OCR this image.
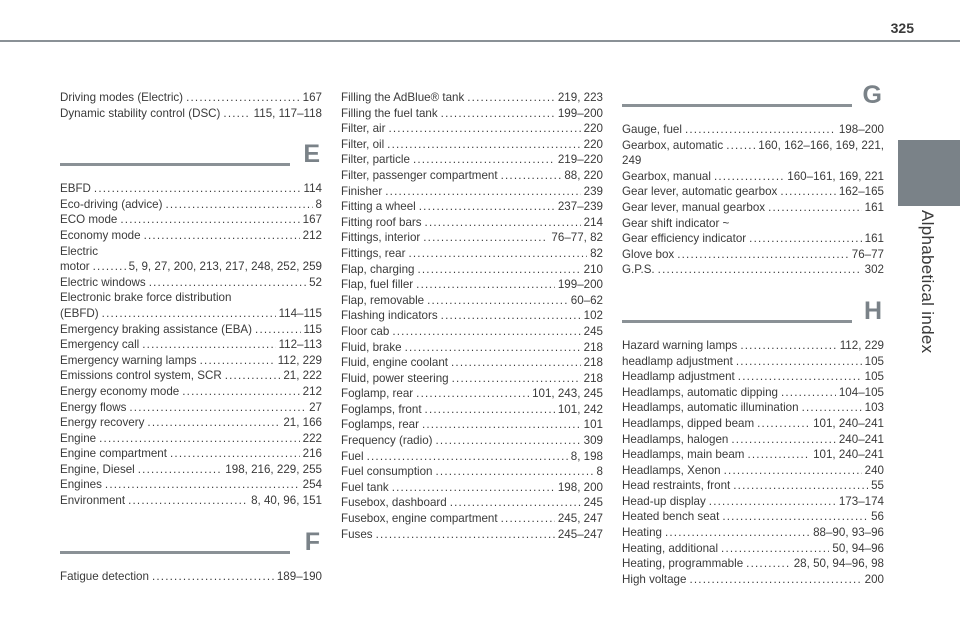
325
Alphabetical index
Driving modes (Electric) .....	167
Dynamic stability control (DSC) .....	115, 117–118
E
EBFD .....	114
Eco-driving (advice) .....	8
ECO mode .....	167
Economy mode .....	212
Electric
motor .....	5, 9, 27, 200, 213, 217, 248, 252, 259
Electric windows .....	52
Electronic brake force distribution
(EBFD) .....	114–115
Emergency braking assistance (EBA) .....	115
Emergency call .....	112–113
Emergency warning lamps .....	112, 229
Emissions control system, SCR .....	21, 222
Energy economy mode .....	212
Energy flows .....	27
Energy recovery .....	21, 166
Engine .....	222
Engine compartment .....	216
Engine, Diesel .....	198, 216, 229, 255
Engines .....	254
Environment .....	8, 40, 96, 151
F
Fatigue detection .....	189–190
Filling the AdBlue® tank .....	219, 223
Filling the fuel tank .....	199–200
Filter, air .....	220
Filter, oil .....	220
Filter, particle .....	219–220
Filter, passenger compartment .....	88, 220
Finisher .....	239
Fitting a wheel .....	237–239
Fitting roof bars .....	214
Fittings, interior .....	76–77, 82
Fittings, rear .....	82
Flap, charging .....	210
Flap, fuel filler .....	199–200
Flap, removable .....	60–62
Flashing indicators .....	102
Floor cab .....	245
Fluid, brake .....	218
Fluid, engine coolant .....	218
Fluid, power steering .....	218
Foglamp, rear .....	101, 243, 245
Foglamps, front .....	101, 242
Foglamps, rear .....	101
Frequency (radio) .....	309
Fuel .....	8, 198
Fuel consumption .....	8
Fuel tank .....	198, 200
Fusebox, dashboard .....	245
Fusebox, engine compartment .....	245, 247
Fuses .....	245–247
G
Gauge, fuel .....	198–200
Gearbox, automatic .....	160, 162–166, 169, 221,
249
Gearbox, manual .....	160–161, 169, 221
Gear lever, automatic gearbox .....	162–165
Gear lever, manual gearbox .....	161
Gear shift indicator ~
Gear efficiency indicator .....	161
Glove box .....	76–77
G.P.S. .....	302
H
Hazard warning lamps .....	112, 229
headlamp adjustment .....	105
Headlamp adjustment .....	105
Headlamps, automatic dipping .....	104–105
Headlamps, automatic illumination .....	103
Headlamps, dipped beam .....	101, 240–241
Headlamps, halogen .....	240–241
Headlamps, main beam .....	101, 240–241
Headlamps, Xenon .....	240
Head restraints, front .....	55
Head-up display .....	173–174
Heated bench seat .....	56
Heating .....	88–90, 93–96
Heating, additional .....	50, 94–96
Heating, programmable .....	28, 50, 94–96, 98
High voltage .....	200
